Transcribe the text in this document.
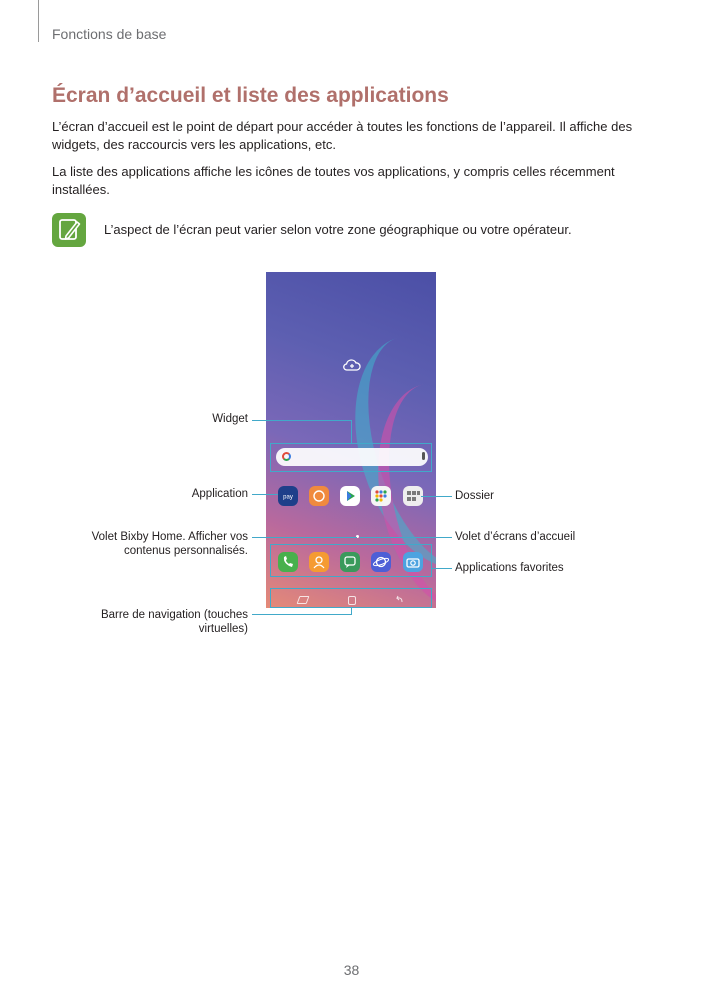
Fonctions de base
Écran d’accueil et liste des applications

L’écran d’accueil est le point de départ pour accéder à toutes les fonctions de l’appareil. Il affiche des widgets, des raccourcis vers les applications, etc.

La liste des applications affiche les icônes de toutes vos applications, y compris celles récemment installées.

L’aspect de l’écran peut varier selon votre zone géographique ou votre opérateur.
pay
Widget
Application
Volet Bixby Home. Afficher vos
contenus personnalisés.
Barre de navigation (touches
virtuelles)
Dossier
Volet d’écrans d’accueil
Applications favorites
38
